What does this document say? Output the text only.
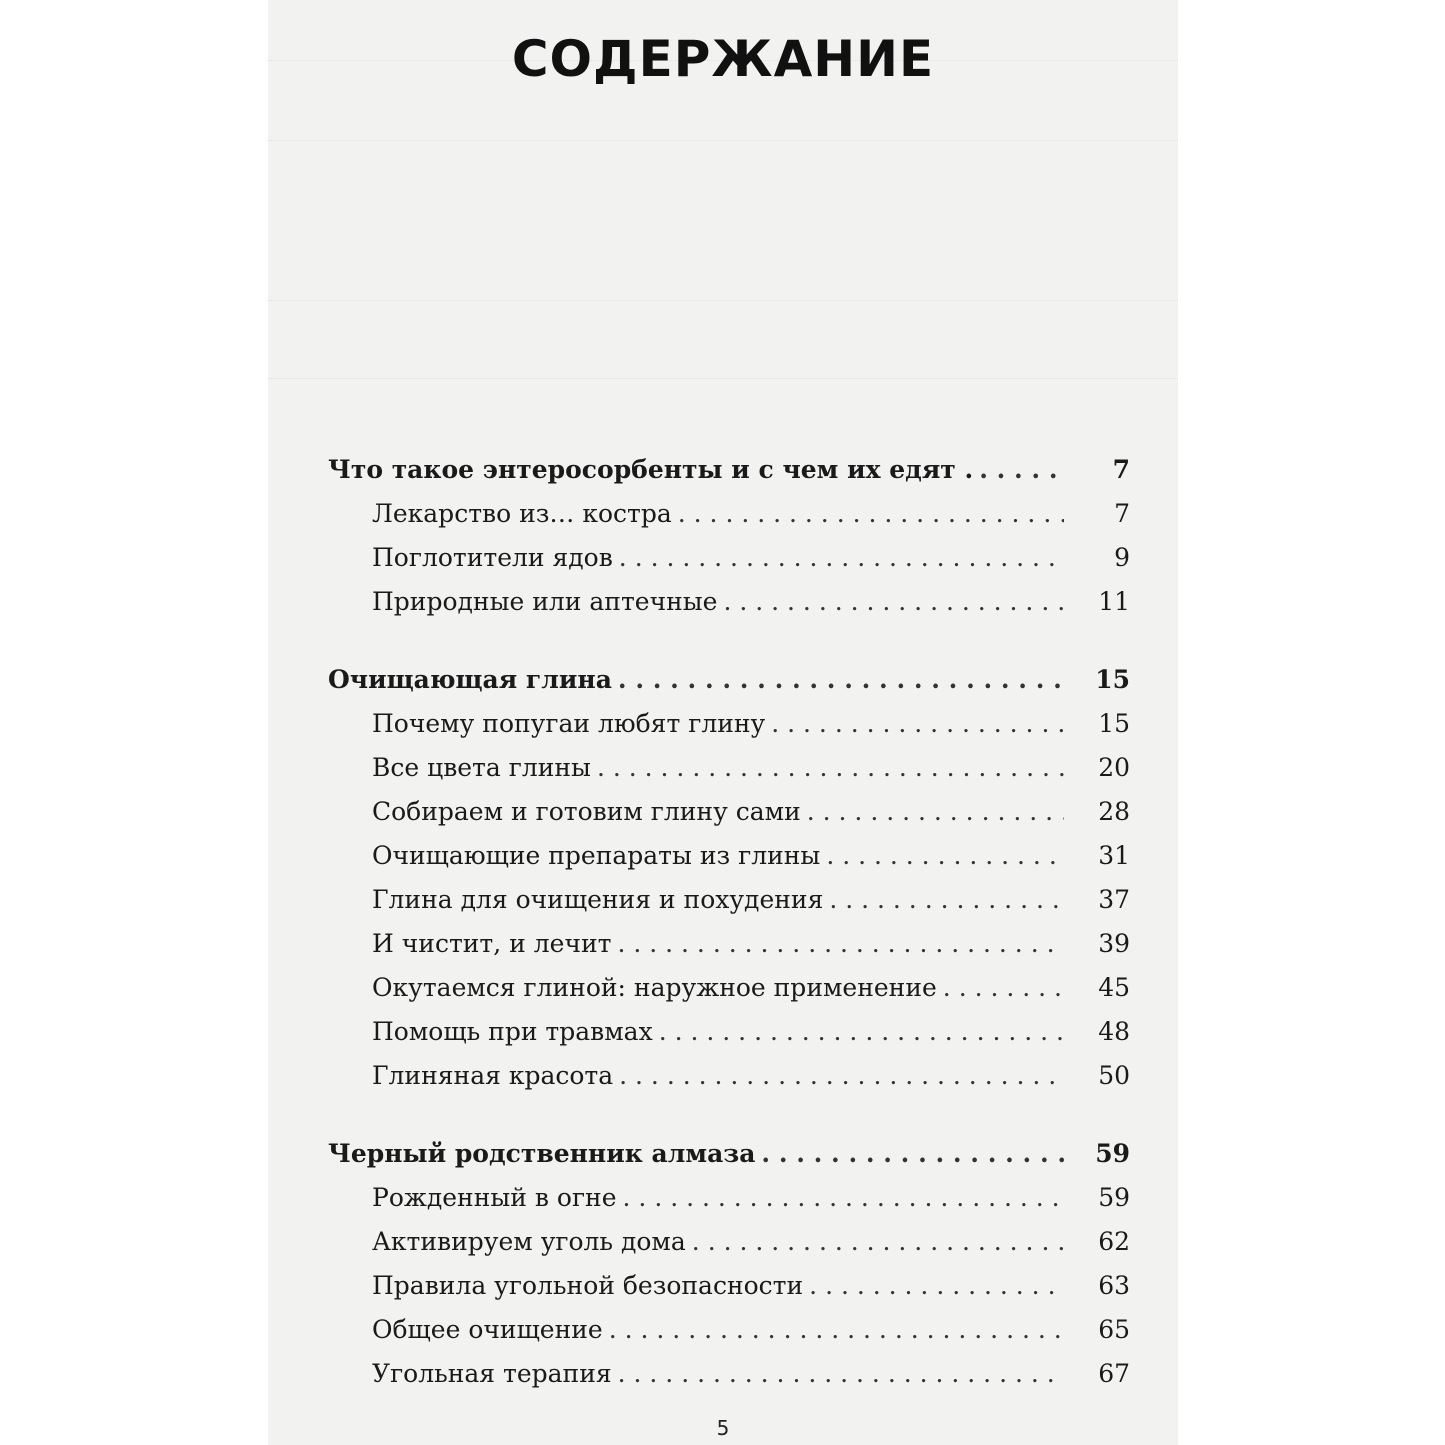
СОДЕРЖАНИЕ
Что такое энтеросорбенты и с чем их едят . . . .	7
Лекарство из… костра . . .	7
Поглотители ядов . . .	9
Природные или аптечные . . .	11
Очищающая глина . . .	15
Почему попугаи любят глину . . .	15
Все цвета глины . . .	20
Собираем и готовим глину сами . . .	28
Очищающие препараты из глины . . .	31
Глина для очищения и похудения . . .	37
И чистит, и лечит . . .	39
Окутаемся глиной: наружное применение . . .	45
Помощь при травмах . . .	48
Глиняная красота . . .	50
Черный родственник алмаза . . .	59
Рожденный в огне . . .	59
Активируем уголь дома . . .	62
Правила угольной безопасности . . .	63
Общее очищение . . .	65
Угольная терапия . . .	67
5
